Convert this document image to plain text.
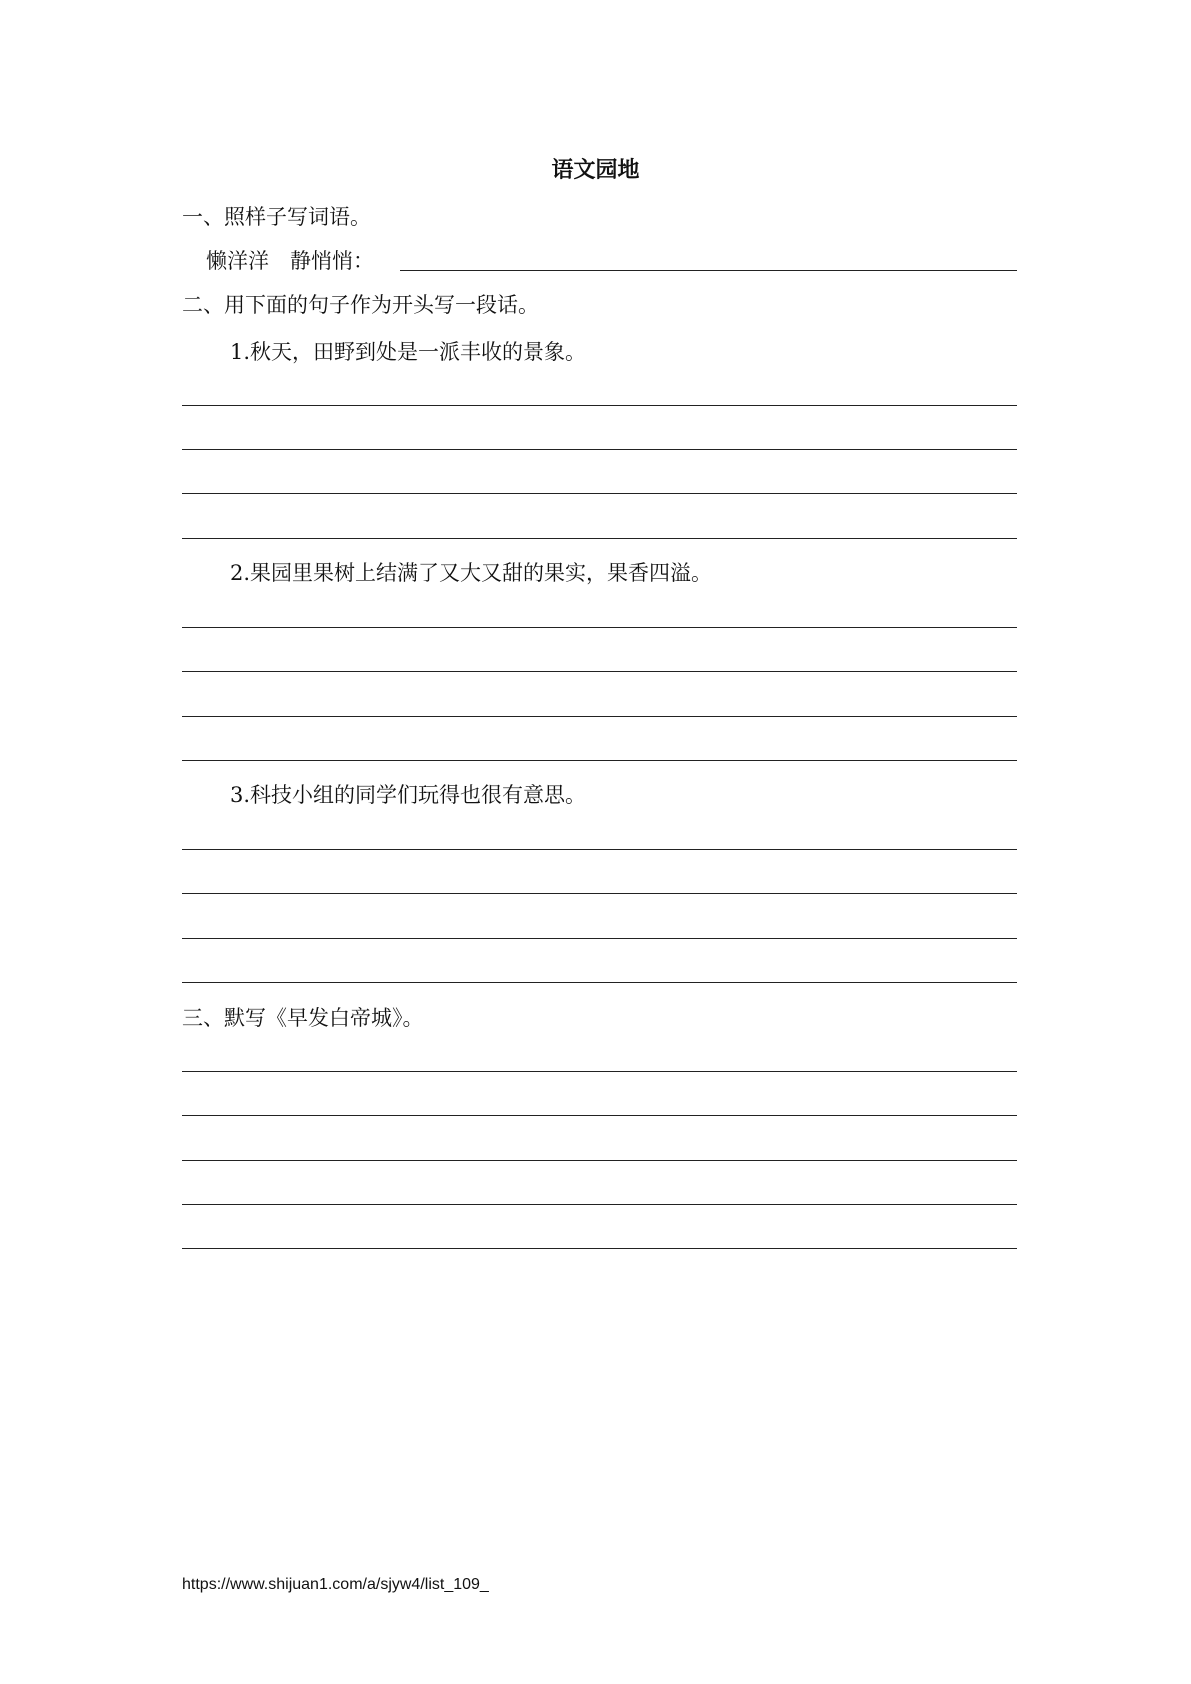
语文园地
一、照样子写词语。
懒洋洋　静悄悄：
二、用下面的句子作为开头写一段话。
1.秋天，田野到处是一派丰收的景象。
2.果园里果树上结满了又大又甜的果实，果香四溢。
3.科技小组的同学们玩得也很有意思。
三、默写《早发白帝城》。
https://www.shijuan1.com/a/sjyw4/list_109_
